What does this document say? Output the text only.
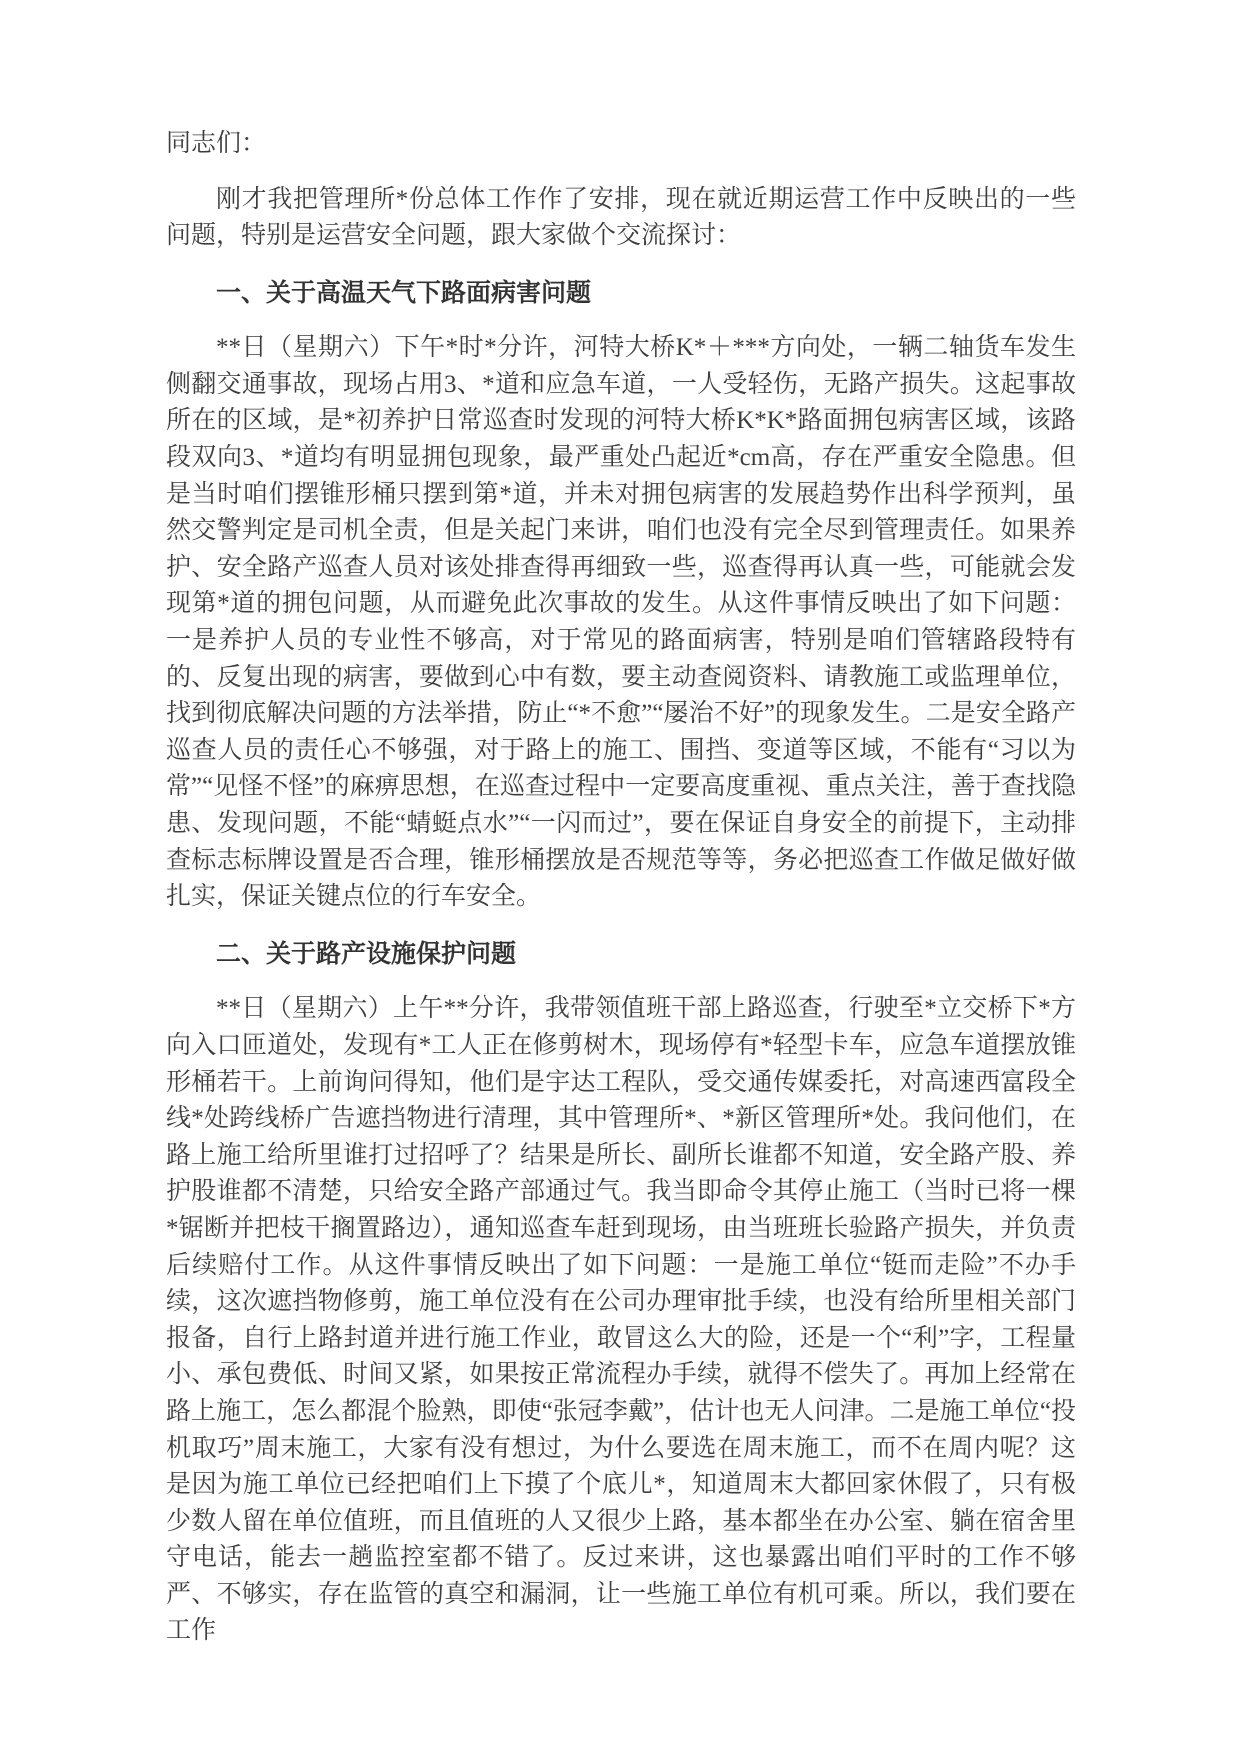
同志们：

刚才我把管理所*份总体工作作了安排，现在就近期运营工作中反映出的一些问题，特别是运营安全问题，跟大家做个交流探讨：

一、关于高温天气下路面病害问题

**日（星期六）下午*时*分许，河特大桥K*＋***方向处，一辆二轴货车发生侧翻交通事故，现场占用3、*道和应急车道，一人受轻伤，无路产损失。这起事故所在的区域，是*初养护日常巡查时发现的河特大桥K*K*路面拥包病害区域，该路段双向3、*道均有明显拥包现象，最严重处凸起近*cm高，存在严重安全隐患。但是当时咱们摆锥形桶只摆到第*道，并未对拥包病害的发展趋势作出科学预判，虽然交警判定是司机全责，但是关起门来讲，咱们也没有完全尽到管理责任。如果养护、安全路产巡查人员对该处排查得再细致一些，巡查得再认真一些，可能就会发现第*道的拥包问题，从而避免此次事故的发生。从这件事情反映出了如下问题：一是养护人员的专业性不够高，对于常见的路面病害，特别是咱们管辖路段特有的、反复出现的病害，要做到心中有数，要主动查阅资料、请教施工或监理单位，找到彻底解决问题的方法举措，防止“*不愈”“屡治不好”的现象发生。二是安全路产巡查人员的责任心不够强，对于路上的施工、围挡、变道等区域，不能有“习以为常”“见怪不怪”的麻痹思想，在巡查过程中一定要高度重视、重点关注，善于查找隐患、发现问题，不能“蜻蜓点水”“一闪而过”，要在保证自身安全的前提下，主动排查标志标牌设置是否合理，锥形桶摆放是否规范等等，务必把巡查工作做足做好做扎实，保证关键点位的行车安全。

二、关于路产设施保护问题

**日（星期六）上午**分许，我带领值班干部上路巡查，行驶至*立交桥下*方向入口匝道处，发现有*工人正在修剪树木，现场停有*轻型卡车，应急车道摆放锥形桶若干。上前询问得知，他们是宇达工程队，受交通传媒委托，对高速西富段全线*处跨线桥广告遮挡物进行清理，其中管理所*、*新区管理所*处。我问他们，在路上施工给所里谁打过招呼了？结果是所长、副所长谁都不知道，安全路产股、养护股谁都不清楚，只给安全路产部通过气。我当即命令其停止施工（当时已将一棵*锯断并把枝干搁置路边），通知巡查车赶到现场，由当班班长验路产损失，并负责后续赔付工作。从这件事情反映出了如下问题：一是施工单位“铤而走险”不办手续，这次遮挡物修剪，施工单位没有在公司办理审批手续，也没有给所里相关部门报备，自行上路封道并进行施工作业，敢冒这么大的险，还是一个“利”字，工程量小、承包费低、时间又紧，如果按正常流程办手续，就得不偿失了。再加上经常在路上施工，怎么都混个脸熟，即使“张冠李戴”，估计也无人问津。二是施工单位“投机取巧”周末施工，大家有没有想过，为什么要选在周末施工，而不在周内呢？这是因为施工单位已经把咱们上下摸了个底儿*，知道周末大都回家休假了，只有极少数人留在单位值班，而且值班的人又很少上路，基本都坐在办公室、躺在宿舍里守电话，能去一趟监控室都不错了。反过来讲，这也暴露出咱们平时的工作不够严、不够实，存在监管的真空和漏洞，让一些施工单位有机可乘。所以，我们要在工作
